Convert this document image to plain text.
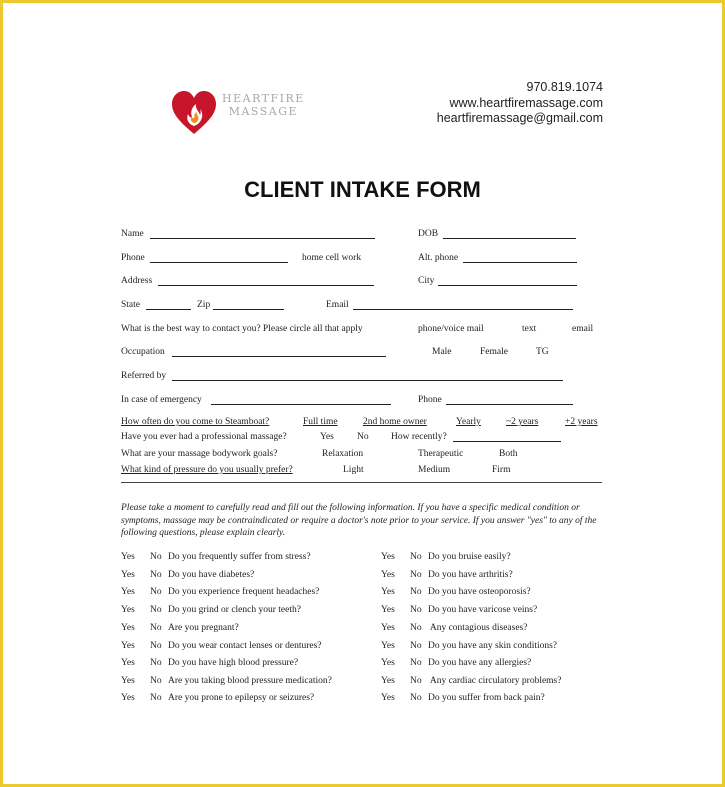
HEARTFIRE
MASSAGE
970.819.1074
www.heartfiremassage.com
heartfiremassage@gmail.com
CLIENT INTAKE FORM
Name	DOB
Phone	home cell work	Alt. phone
Address	City
State	Zip	Email
What is the best way to contact you? Please circle all that apply	phone/voice mail	text	email
Occupation	Male	Female	TG
Referred by
In case of emergency	Phone
How often do you come to Steamboat?	Full time	2nd home owner	Yearly	~2 years	+2 years
Have you ever had a professional massage?	Yes No How recently?
What are your massage bodywork goals?	Relaxation	Therapeutic	Both
What kind of pressure do you usually prefer?	Light	Medium	Firm
Please take a moment to carefully read and fill out the following information. If you have a specific medical condition or symptoms, massage may be contraindicated or require a doctor's note prior to your service. If you answer "yes" to any of the following questions, please explain clearly.
Yes No Do you frequently suffer from stress?
Yes No Do you have diabetes?
Yes No Do you experience frequent headaches?
Yes No Do you grind or clench your teeth?
Yes No Are you pregnant?
Yes No Do you wear contact lenses or dentures?
Yes No Do you have high blood pressure?
Yes No Are you taking blood pressure medication?
Yes No Are you prone to epilepsy or seizures?
Yes No Do you bruise easily?
Yes No Do you have arthritis?
Yes No Do you have osteoporosis?
Yes No Do you have varicose veins?
Yes No Any contagious diseases?
Yes No Do you have any skin conditions?
Yes No Do you have any allergies?
Yes No Any cardiac circulatory problems?
Yes No Do you suffer from back pain?
